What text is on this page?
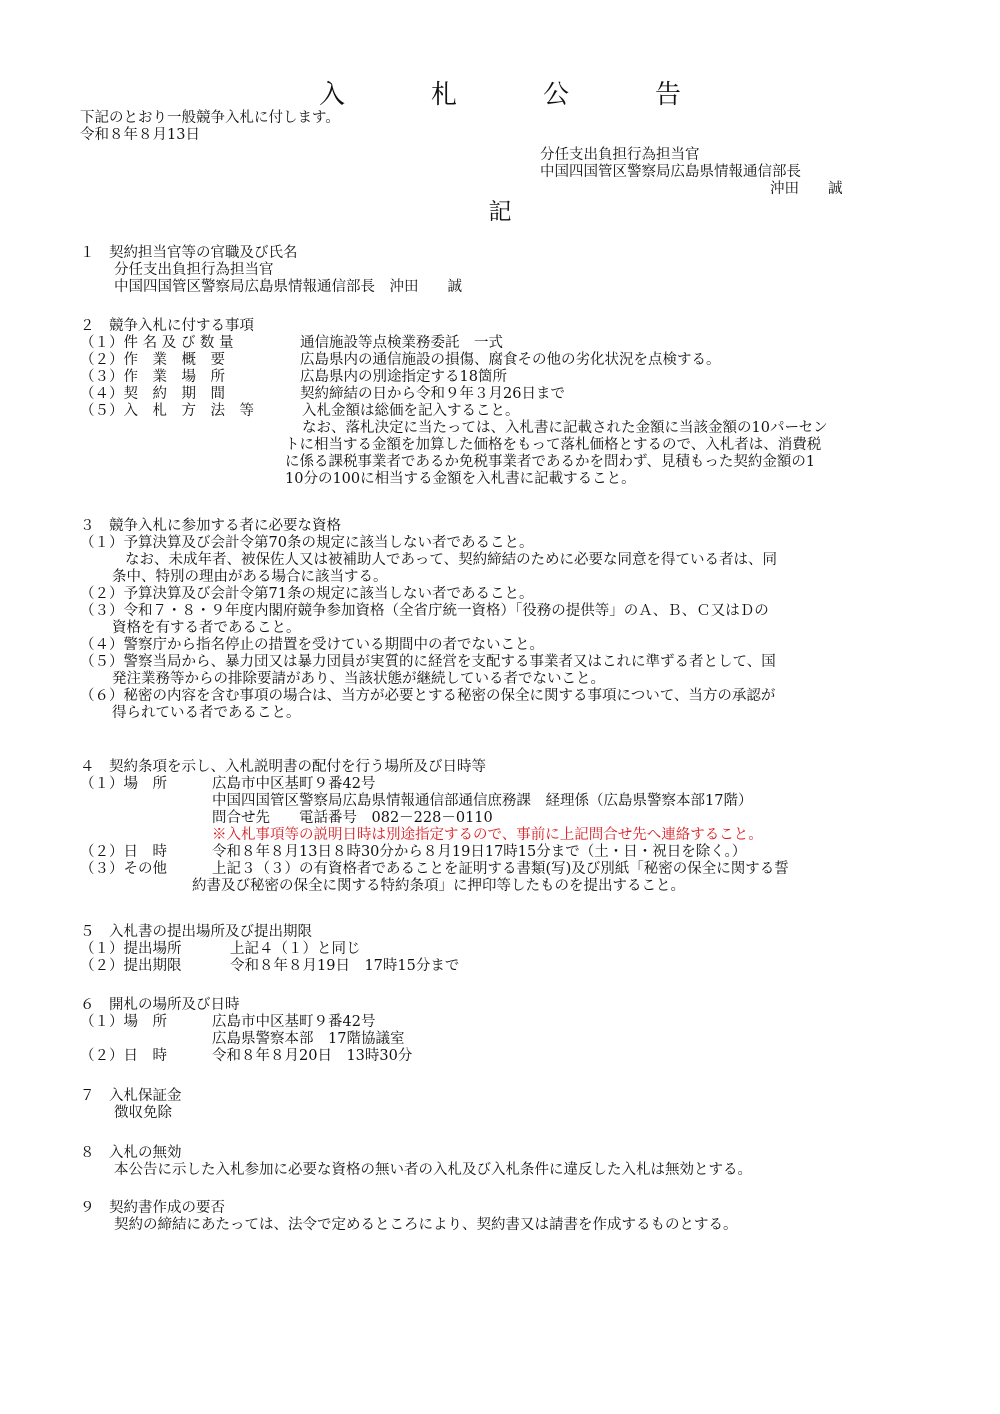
入　札　公　告
下記のとおり一般競争入札に付します。
令和８年８月13日
分任支出負担行為担当官
中国四国管区警察局広島県情報通信部長
沖田　　誠
記
１　契約担当官等の官職及び氏名
分任支出負担行為担当官
中国四国管区警察局広島県情報通信部長　沖田　　誠
２　競争入札に付する事項
（１）件 名 及 び 数 量	通信施設等点検業務委託　一式
（２）作　業　概　要	広島県内の通信施設の損傷、腐食その他の劣化状況を点検する。
（３）作　業　場　所	広島県内の別途指定する18箇所
（４）契　約　期　間	契約締結の日から令和９年３月26日まで
（５）入　札　方　法　等	入札金額は総価を記入すること。
なお、落札決定に当たっては、入札書に記載された金額に当該金額の10パーセン
トに相当する金額を加算した価格をもって落札価格とするので、入札者は、消費税
に係る課税事業者であるか免税事業者であるかを問わず、見積もった契約金額の1
10分の100に相当する金額を入札書に記載すること。
３　競争入札に参加する者に必要な資格
（１）予算決算及び会計令第70条の規定に該当しない者であること。
なお、未成年者、被保佐人又は被補助人であって、契約締結のために必要な同意を得ている者は、同
条中、特別の理由がある場合に該当する。
（２）予算決算及び会計令第71条の規定に該当しない者であること。
（３）令和７・８・９年度内閣府競争参加資格（全省庁統一資格）「役務の提供等」のＡ、Ｂ、Ｃ又はＤの
資格を有する者であること。
（４）警察庁から指名停止の措置を受けている期間中の者でないこと。
（５）警察当局から、暴力団又は暴力団員が実質的に経営を支配する事業者又はこれに準ずる者として、国
発注業務等からの排除要請があり、当該状態が継続している者でないこと。
（６）秘密の内容を含む事項の場合は、当方が必要とする秘密の保全に関する事項について、当方の承認が
得られている者であること。
４　契約条項を示し、入札説明書の配付を行う場所及び日時等
（１）場　所	広島市中区基町９番42号
中国四国管区警察局広島県情報通信部通信庶務課　経理係（広島県警察本部17階）
問合せ先　　電話番号　082－228－0110
※入札事項等の説明日時は別途指定するので、事前に上記問合せ先へ連絡すること。
（２）日　時	令和８年８月13日８時30分から８月19日17時15分まで（土・日・祝日を除く。）
（３）その他	上記３（３）の有資格者であることを証明する書類(写)及び別紙「秘密の保全に関する誓
約書及び秘密の保全に関する特約条項」に押印等したものを提出すること。
５　入札書の提出場所及び提出期限
（１）提出場所	上記４（１）と同じ
（２）提出期限	令和８年８月19日　17時15分まで
６　開札の場所及び日時
（１）場　所	広島市中区基町９番42号
広島県警察本部　17階協議室
（２）日　時	令和８年８月20日　13時30分
７　入札保証金
徴収免除
８　入札の無効
本公告に示した入札参加に必要な資格の無い者の入札及び入札条件に違反した入札は無効とする。
９　契約書作成の要否
契約の締結にあたっては、法令で定めるところにより、契約書又は請書を作成するものとする。
